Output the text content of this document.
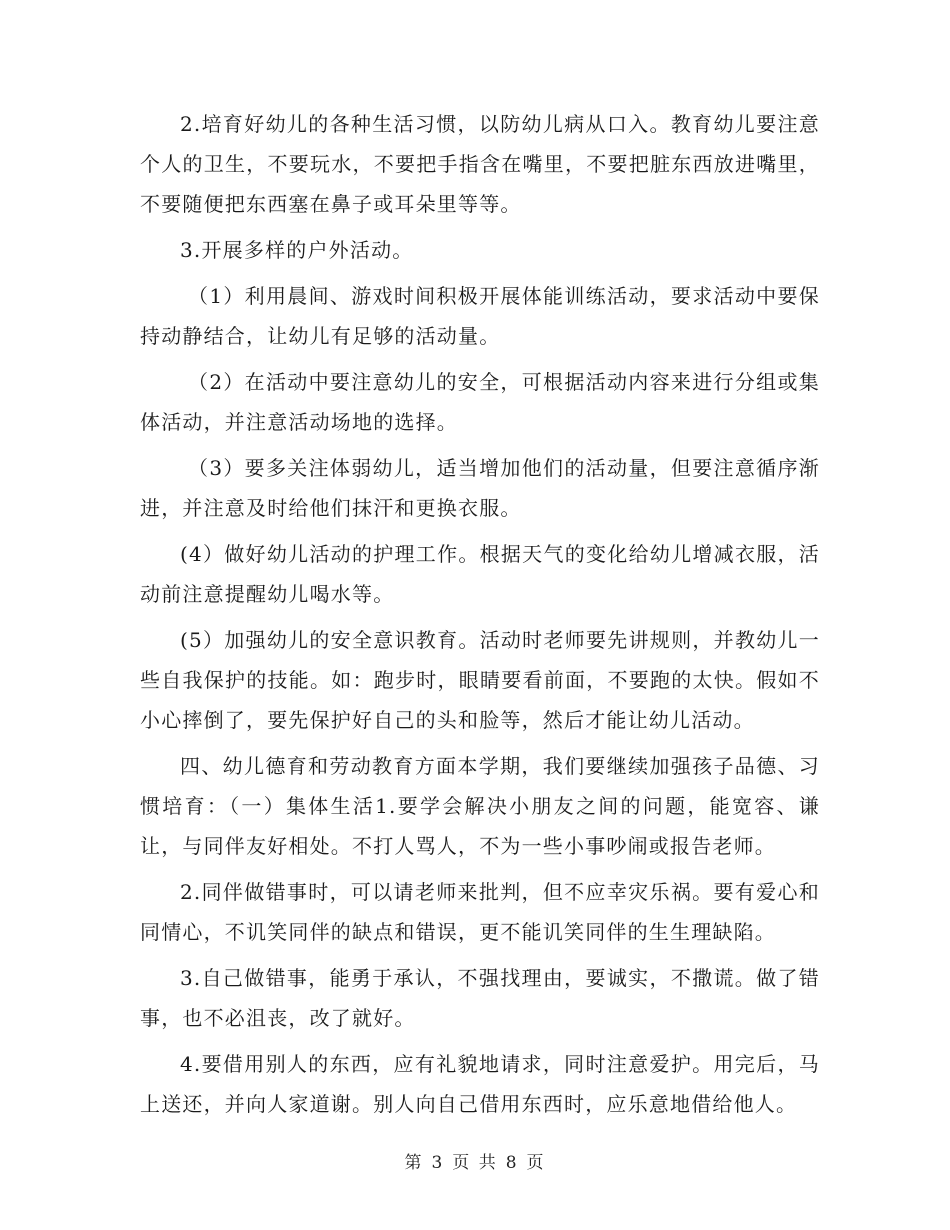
2.培育好幼儿的各种生活习惯，以防幼儿病从口入。教育幼儿要注意个人的卫生，不要玩水，不要把手指含在嘴里，不要把脏东西放进嘴里，不要随便把东西塞在鼻子或耳朵里等等。

3.开展多样的户外活动。

（1）利用晨间、游戏时间积极开展体能训练活动，要求活动中要保持动静结合，让幼儿有足够的活动量。

（2）在活动中要注意幼儿的安全，可根据活动内容来进行分组或集体活动，并注意活动场地的选择。

（3）要多关注体弱幼儿，适当增加他们的活动量，但要注意循序渐进，并注意及时给他们抹汗和更换衣服。

(4）做好幼儿活动的护理工作。根据天气的变化给幼儿增减衣服，活动前注意提醒幼儿喝水等。

(5）加强幼儿的安全意识教育。活动时老师要先讲规则，并教幼儿一些自我保护的技能。如：跑步时，眼睛要看前面，不要跑的太快。假如不小心摔倒了，要先保护好自己的头和脸等，然后才能让幼儿活动。

四、幼儿德育和劳动教育方面本学期，我们要继续加强孩子品德、习惯培育：（一）集体生活1.要学会解决小朋友之间的问题，能宽容、谦让，与同伴友好相处。不打人骂人，不为一些小事吵闹或报告老师。

2.同伴做错事时，可以请老师来批判，但不应幸灾乐祸。要有爱心和同情心，不讥笑同伴的缺点和错误，更不能讥笑同伴的生生理缺陷。

3.自己做错事，能勇于承认，不强找理由，要诚实，不撒谎。做了错事，也不必沮丧，改了就好。

4.要借用别人的东西，应有礼貌地请求，同时注意爱护。用完后，马上送还，并向人家道谢。别人向自己借用东西时，应乐意地借给他人。

第 3 页 共 8 页
